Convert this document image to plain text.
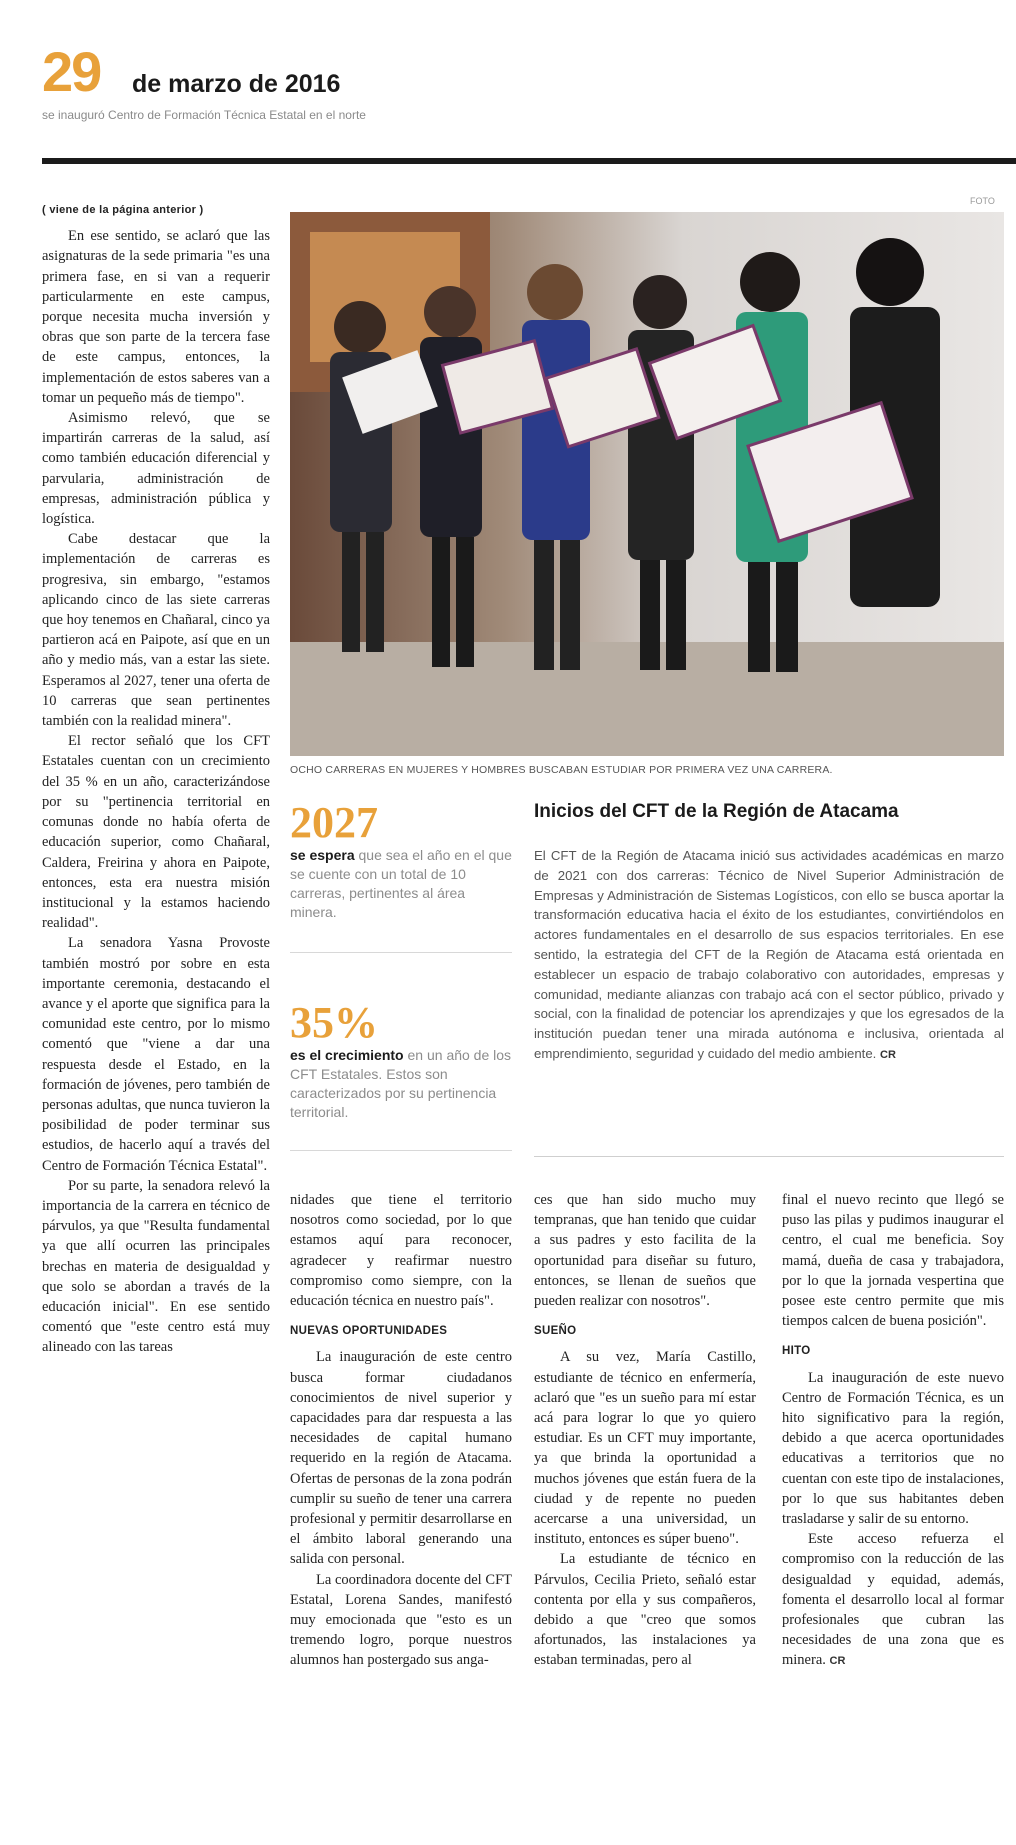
29 de marzo de 2016
se inauguró Centro de Formación Técnica Estatal en el norte
( viene de la página anterior )

En ese sentido, se aclaró que las asignaturas de la sede primaria "es una primera fase, en si van a requerir particularmente en este campus, porque necesita mucha inversión y obras que son parte de la tercera fase de este campus, entonces, la implementación de estos saberes van a tomar un pequeño más de tiempo".

Asimismo relevó, que se impartirán carreras de la salud, así como también educación diferencial y parvularia, administración de empresas, administración pública y logística.

Cabe destacar que la implementación de carreras es progresiva, sin embargo, "estamos aplicando cinco de las siete carreras que hoy tenemos en Chañaral, cinco ya partieron acá en Paipote, así que en un año y medio más, van a estar las siete. Esperamos al 2027, tener una oferta de 10 carreras que sean pertinentes también con la realidad minera".

El rector señaló que los CFT Estatales cuentan con un crecimiento del 35 % en un año, caracterizándose por su "pertinencia territorial en comunas donde no había oferta de educación superior, como Chañaral, Caldera, Freirina y ahora en Paipote, entonces, esta era nuestra misión institucional y la estamos haciendo realidad".

La senadora Yasna Provoste también mostró por sobre en esta importante ceremonia, destacando el avance y el aporte que significa para la comunidad este centro, por lo mismo comentó que "viene a dar una respuesta desde el Estado, en la formación de jóvenes, pero también de personas adultas, que nunca tuvieron la posibilidad de poder terminar sus estudios, de hacerlo aquí a través del Centro de Formación Técnica Estatal".

Por su parte, la senadora relevó la importancia de la carrera en técnico de párvulos, ya que "Resulta fundamental ya que allí ocurren las principales brechas en materia de desigualdad y que solo se abordan a través de la educación inicial". En ese sentido comentó que "este centro está muy alineado con las tareas

FOTO
OCHO CARRERAS EN MUJERES Y HOMBRES BUSCABAN ESTUDIAR POR PRIMERA VEZ UNA CARRERA.
2027
se espera que sea el año en el que se cuente con un total de 10 carreras, pertinentes al área minera.
35%
es el crecimiento en un año de los CFT Estatales. Estos son caracterizados por su pertinencia territorial.
Inicios del CFT de la Región de Atacama
El CFT de la Región de Atacama inició sus actividades académicas en marzo de 2021 con dos carreras: Técnico de Nivel Superior Administración de Empresas y Administración de Sistemas Logísticos, con ello se busca aportar la transformación educativa hacia el éxito de los estudiantes, convirtiéndolos en actores fundamentales en el desarrollo de sus espacios territoriales. En ese sentido, la estrategia del CFT de la Región de Atacama está orientada en establecer un espacio de trabajo colaborativo con autoridades, empresas y comunidad, mediante alianzas con trabajo acá con el sector público, privado y social, con la finalidad de potenciar los aprendizajes y que los egresados de la institución puedan tener una mirada autónoma e inclusiva, orientada al emprendimiento, seguridad y cuidado del medio ambiente. CR

nidades que tiene el territorio nosotros como sociedad, por lo que estamos aquí para reconocer, agradecer y reafirmar nuestro compromiso como siempre, con la educación técnica en nuestro país".

NUEVAS OPORTUNIDADES

La inauguración de este centro busca formar ciudadanos conocimientos de nivel superior y capacidades para dar respuesta a las necesidades de capital humano requerido en la región de Atacama. Ofertas de personas de la zona podrán cumplir su sueño de tener una carrera profesional y permitir desarrollarse en el ámbito laboral generando una salida con personal.

La coordinadora docente del CFT Estatal, Lorena Sandes, manifestó muy emocionada que "esto es un tremendo logro, porque nuestros alumnos han postergado sus anga-

ces que han sido mucho muy tempranas, que han tenido que cuidar a sus padres y esto facilita de la oportunidad para diseñar su futuro, entonces, se llenan de sueños que pueden realizar con nosotros".

SUEÑO

A su vez, María Castillo, estudiante de técnico en enfermería, aclaró que "es un sueño para mí estar acá para lograr lo que yo quiero estudiar. Es un CFT muy importante, ya que brinda la oportunidad a muchos jóvenes que están fuera de la ciudad y de repente no pueden acercarse a una universidad, un instituto, entonces es súper bueno".

La estudiante de técnico en Párvulos, Cecilia Prieto, señaló estar contenta por ella y sus compañeros, debido a que "creo que somos afortunados, las instalaciones ya estaban terminadas, pero al

final el nuevo recinto que llegó se puso las pilas y pudimos inaugurar el centro, el cual me beneficia. Soy mamá, dueña de casa y trabajadora, por lo que la jornada vespertina que posee este centro permite que mis tiempos calcen de buena posición".

HITO

La inauguración de este nuevo Centro de Formación Técnica, es un hito significativo para la región, debido a que acerca oportunidades educativas a territorios que no cuentan con este tipo de instalaciones, por lo que sus habitantes deben trasladarse y salir de su entorno.

Este acceso refuerza el compromiso con la reducción de las desigualdad y equidad, además, fomenta el desarrollo local al formar profesionales que cubran las necesidades de una zona que es minera. CR
